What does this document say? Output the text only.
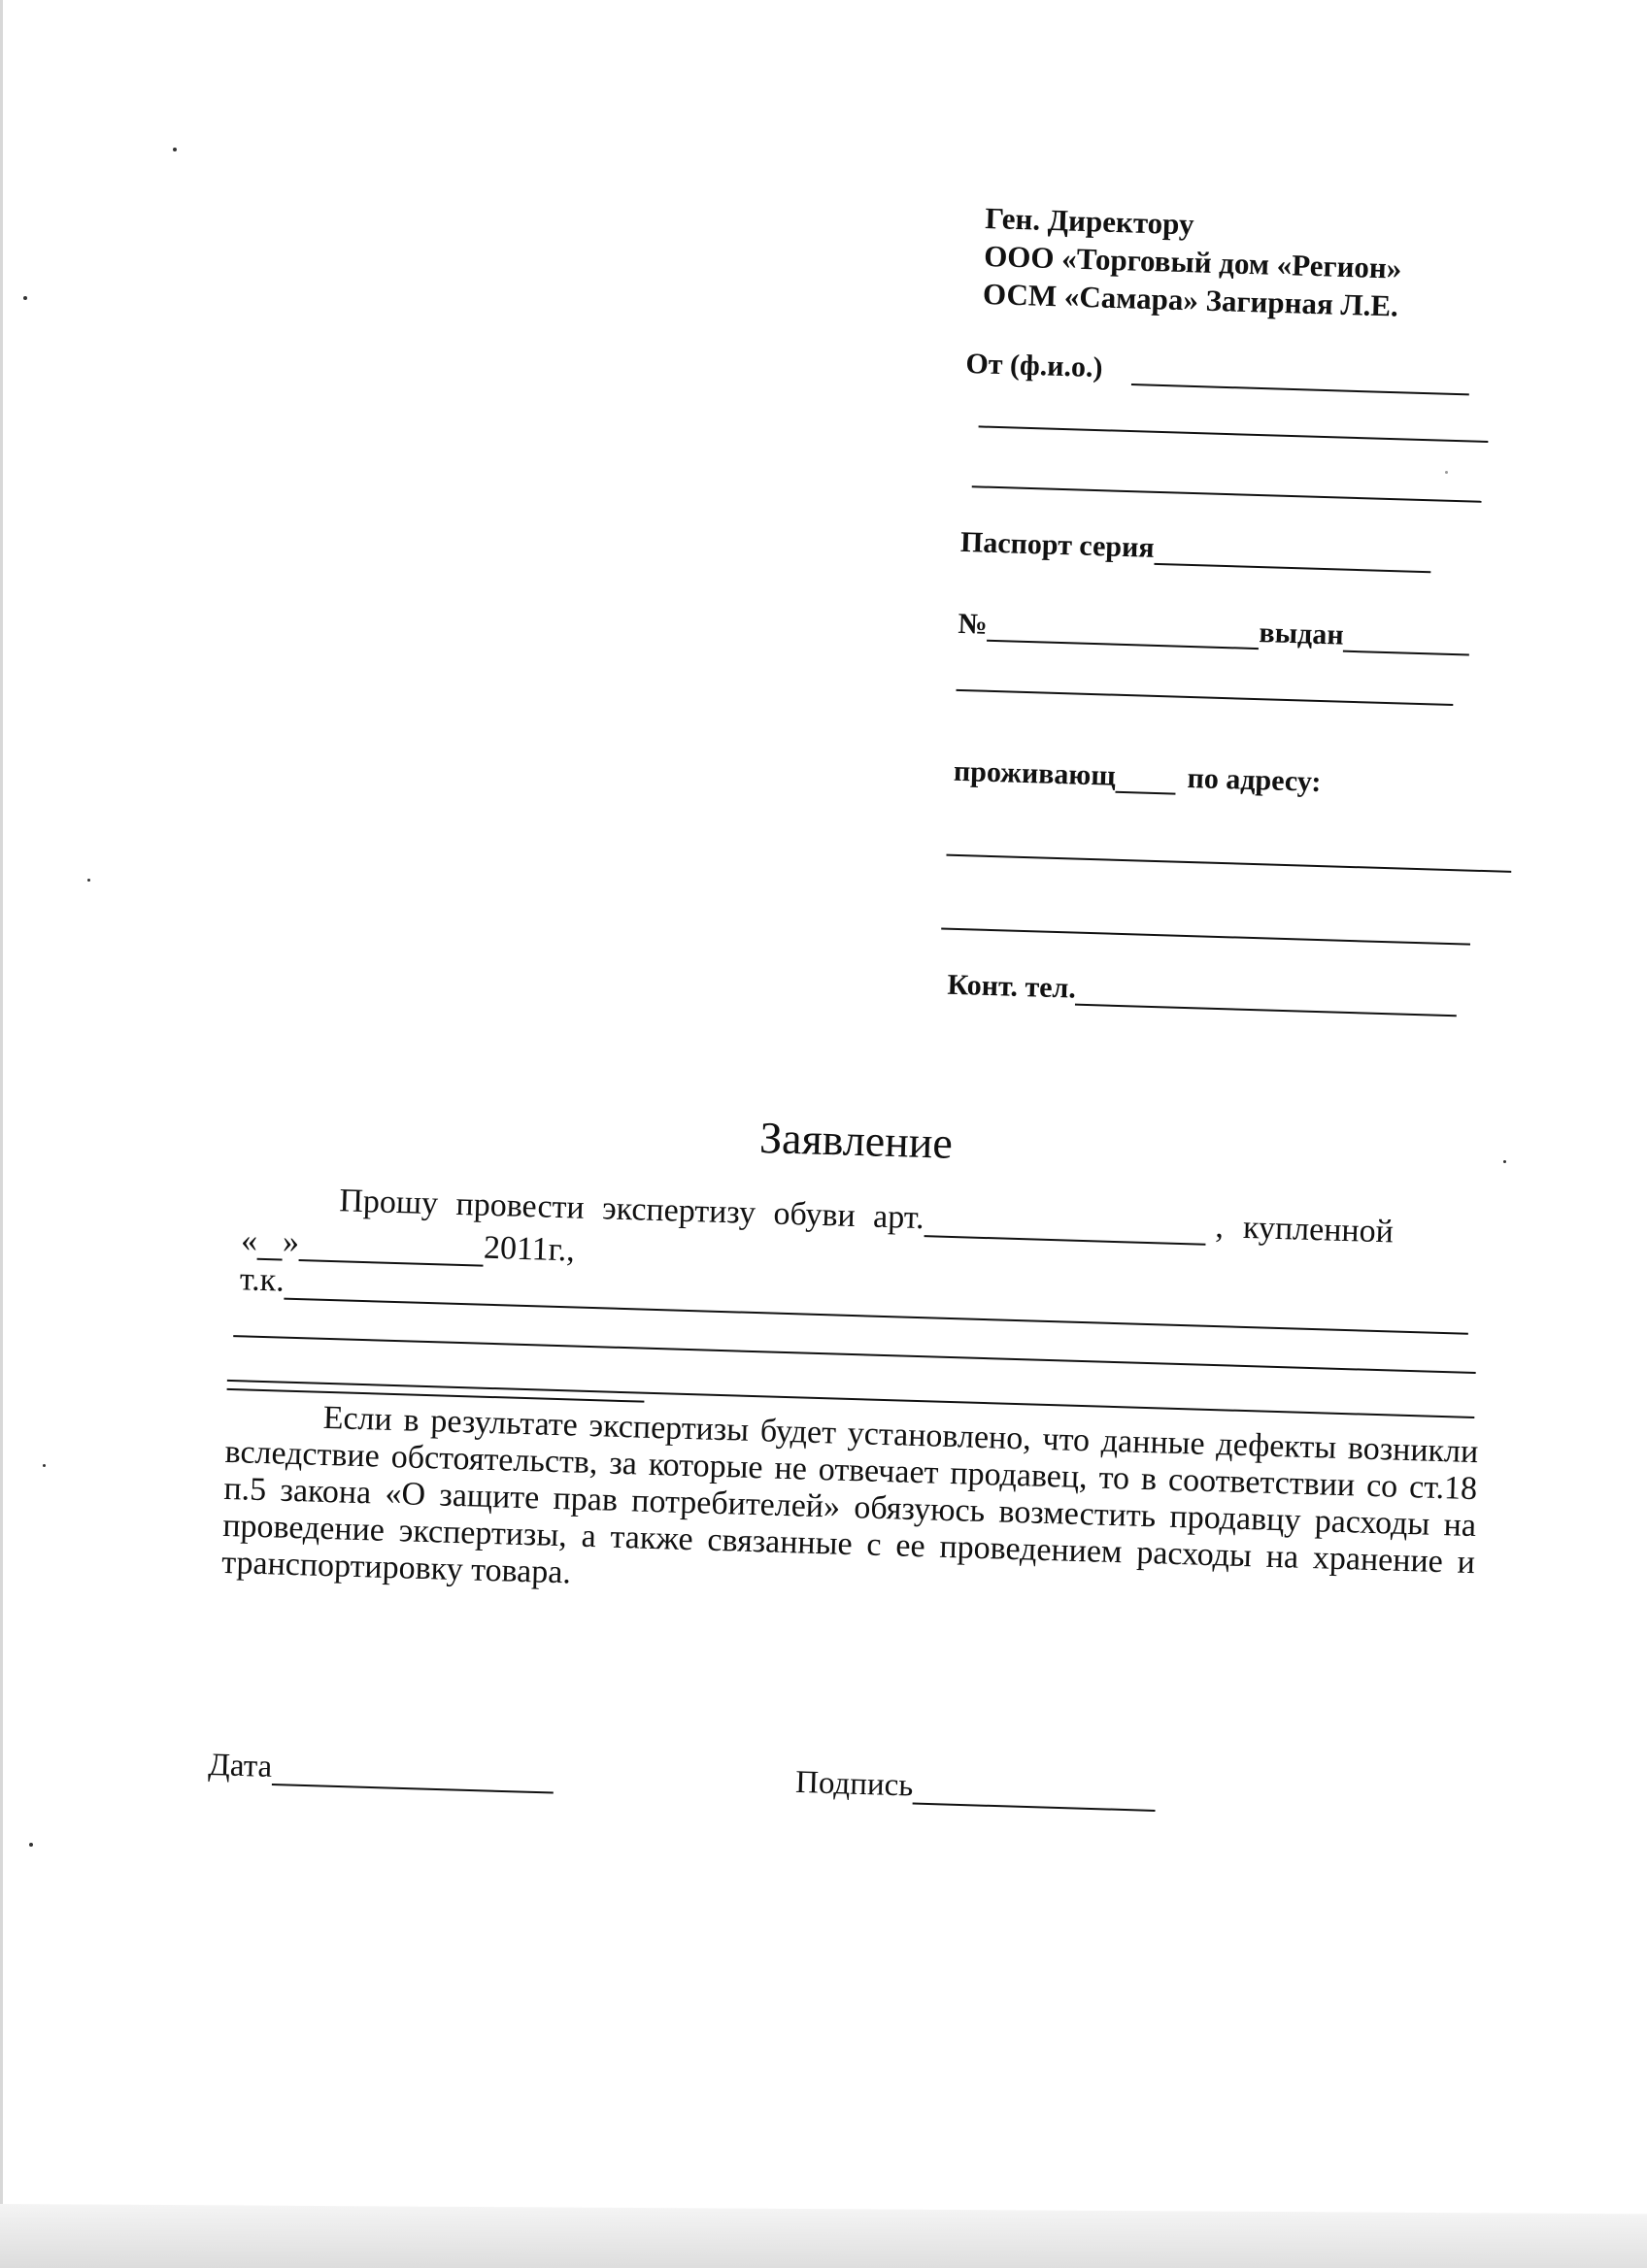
Ген. Директору
ООО «Торговый дом «Регион»
ОСМ «Самара» Загирная Л.Е.
От (ф.и.о.)
Паспорт серия
№	выдан
проживающ по адресу:
Конт. тел.
Заявление
Прошу провести экспертизу обуви арт.	, купленной
« »	2011г.,
т.к.
Если в результате экспертизы будет установлено, что данные дефекты возникли вследствие обстоятельств, за которые не отвечает продавец, то в соответствии со ст.18 п.5 закона «О защите прав потребителей» обязуюсь возместить продавцу расходы на проведение экспертизы, а также связанные с ее проведением расходы на хранение и транспортировку товара.
Дата	Подпись
